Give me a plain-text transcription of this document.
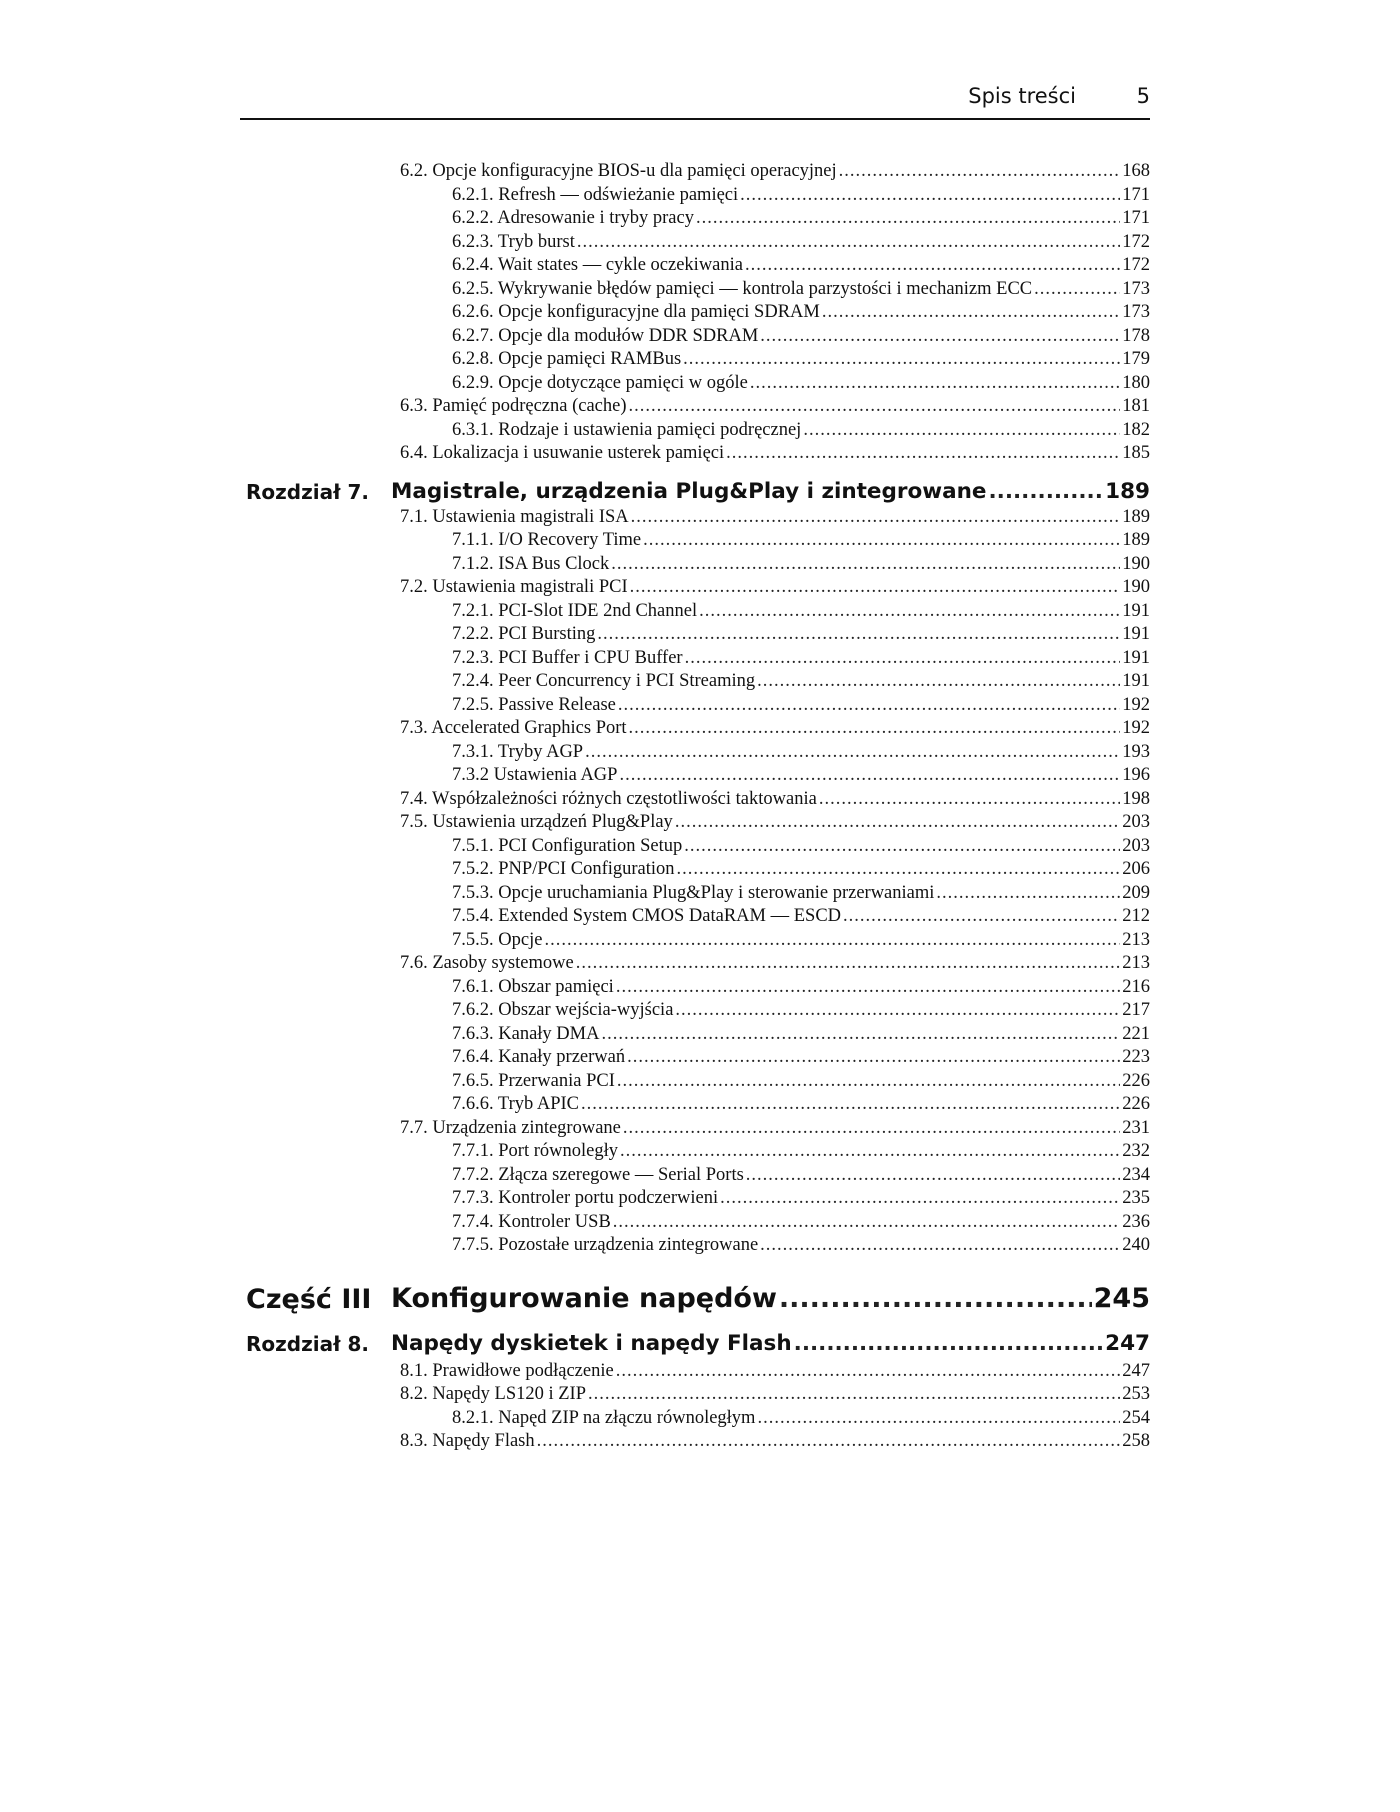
Spis treści	5
6.2. Opcje konfiguracyjne BIOS-u dla pamięci operacyjnej .....	168
6.2.1. Refresh — odświeżanie pamięci .....	171
6.2.2. Adresowanie i tryby pracy .....	171
6.2.3. Tryb burst .....	172
6.2.4. Wait states — cykle oczekiwania .....	172
6.2.5. Wykrywanie błędów pamięci — kontrola parzystości i mechanizm ECC .....	173
6.2.6. Opcje konfiguracyjne dla pamięci SDRAM .....	173
6.2.7. Opcje dla modułów DDR SDRAM .....	178
6.2.8. Opcje pamięci RAMBus .....	179
6.2.9. Opcje dotyczące pamięci w ogóle .....	180
6.3. Pamięć podręczna (cache) .....	181
6.3.1. Rodzaje i ustawienia pamięci podręcznej .....	182
6.4. Lokalizacja i usuwanie usterek pamięci .....	185
Rozdział 7. Magistrale, urządzenia Plug&Play i zintegrowane .....	189
7.1. Ustawienia magistrali ISA .....	189
7.1.1. I/O Recovery Time .....	189
7.1.2. ISA Bus Clock .....	190
7.2. Ustawienia magistrali PCI .....	190
7.2.1. PCI-Slot IDE 2nd Channel .....	191
7.2.2. PCI Bursting .....	191
7.2.3. PCI Buffer i CPU Buffer .....	191
7.2.4. Peer Concurrency i PCI Streaming .....	191
7.2.5. Passive Release .....	192
7.3. Accelerated Graphics Port .....	192
7.3.1. Tryby AGP .....	193
7.3.2 Ustawienia AGP .....	196
7.4. Współzależności różnych częstotliwości taktowania .....	198
7.5. Ustawienia urządzeń Plug&Play .....	203
7.5.1. PCI Configuration Setup .....	203
7.5.2. PNP/PCI Configuration .....	206
7.5.3. Opcje uruchamiania Plug&Play i sterowanie przerwaniami .....	209
7.5.4. Extended System CMOS DataRAM — ESCD .....	212
7.5.5. Opcje .....	213
7.6. Zasoby systemowe .....	213
7.6.1. Obszar pamięci .....	216
7.6.2. Obszar wejścia-wyjścia .....	217
7.6.3. Kanały DMA .....	221
7.6.4. Kanały przerwań .....	223
7.6.5. Przerwania PCI .....	226
7.6.6. Tryb APIC .....	226
7.7. Urządzenia zintegrowane .....	231
7.7.1. Port równoległy .....	232
7.7.2. Złącza szeregowe — Serial Ports .....	234
7.7.3. Kontroler portu podczerwieni .....	235
7.7.4. Kontroler USB .....	236
7.7.5. Pozostałe urządzenia zintegrowane .....	240
Część III Konfigurowanie napędów .....	245
Rozdział 8. Napędy dyskietek i napędy Flash .....	247
8.1. Prawidłowe podłączenie .....	247
8.2. Napędy LS120 i ZIP .....	253
8.2.1. Napęd ZIP na złączu równoległym .....	254
8.3. Napędy Flash .....	258
